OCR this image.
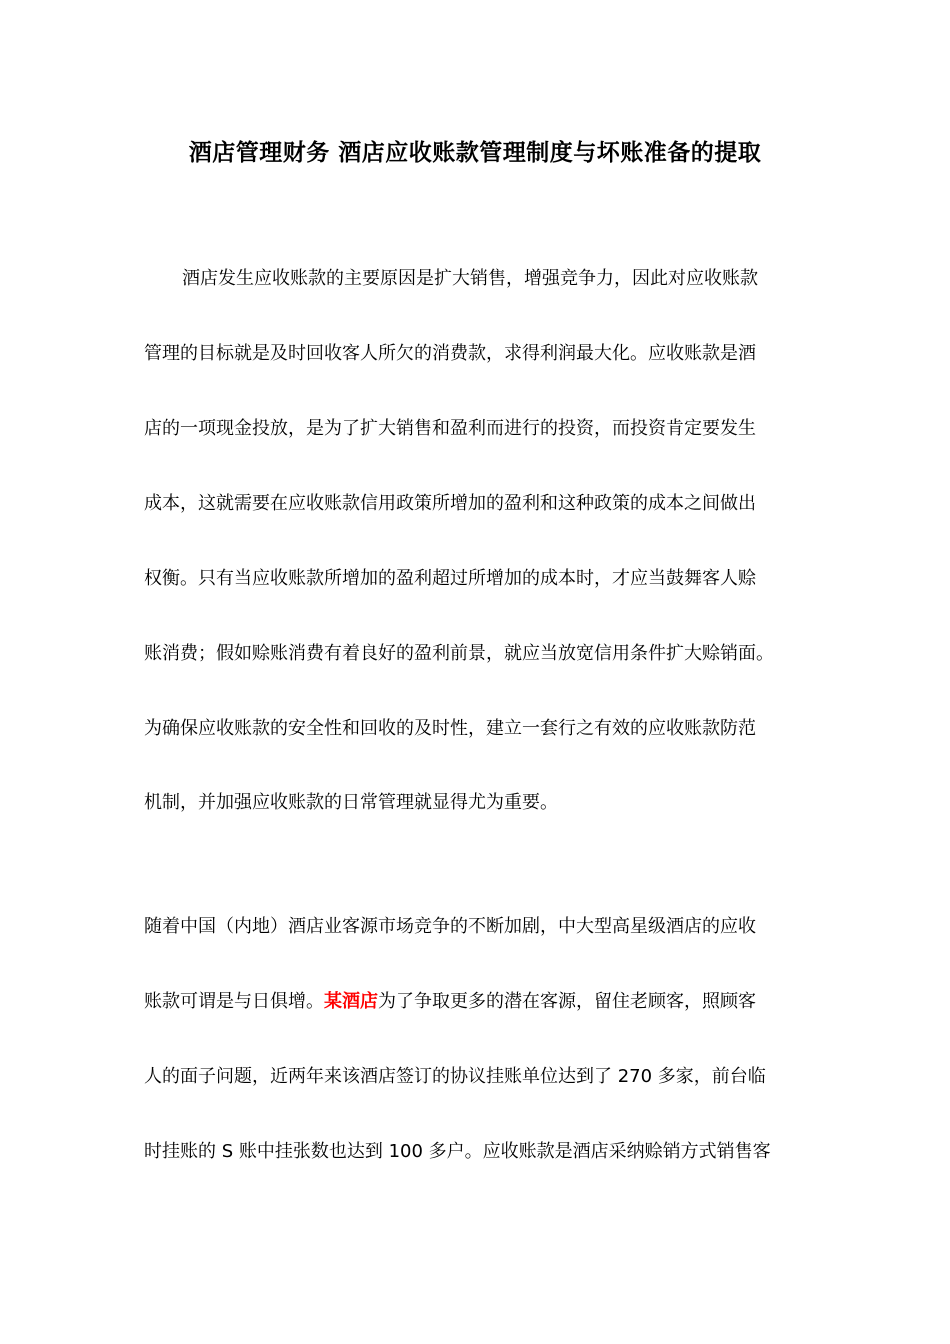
酒店管理财务 酒店应收账款管理制度与坏账准备的提取
酒店发生应收账款的主要原因是扩大销售，增强竞争力，因此对应收账款
管理的目标就是及时回收客人所欠的消费款，求得利润最大化。应收账款是酒
店的一项现金投放，是为了扩大销售和盈利而进行的投资，而投资肯定要发生
成本，这就需要在应收账款信用政策所增加的盈利和这种政策的成本之间做出
权衡。只有当应收账款所增加的盈利超过所增加的成本时，才应当鼓舞客人赊
账消费；假如赊账消费有着良好的盈利前景，就应当放宽信用条件扩大赊销面。
为确保应收账款的安全性和回收的及时性，建立一套行之有效的应收账款防范
机制，并加强应收账款的日常管理就显得尤为重要。
随着中国（内地）酒店业客源市场竞争的不断加剧，中大型高星级酒店的应收
账款可谓是与日俱增。某酒店为了争取更多的潜在客源，留住老顾客，照顾客
人的面子问题，近两年来该酒店签订的协议挂账单位达到了 270 多家，前台临
时挂账的 S 账中挂张数也达到 100 多户。应收账款是酒店采纳赊销方式销售客
